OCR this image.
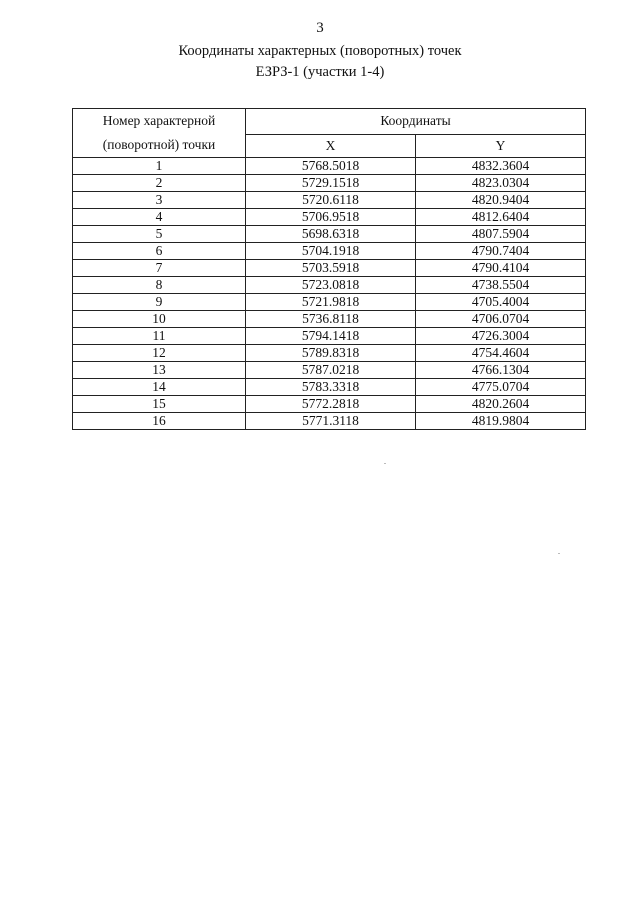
3
Координаты характерных (поворотных) точек
ЕЗРЗ-1 (участки 1-4)
Номер характерной
(поворотной) точки	Координаты	
	X	Y
1	5768.5018	4832.3604
2	5729.1518	4823.0304
3	5720.6118	4820.9404
4	5706.9518	4812.6404
5	5698.6318	4807.5904
6	5704.1918	4790.7404
7	5703.5918	4790.4104
8	5723.0818	4738.5504
9	5721.9818	4705.4004
10	5736.8118	4706.0704
11	5794.1418	4726.3004
12	5789.8318	4754.4604
13	5787.0218	4766.1304
14	5783.3318	4775.0704
15	5772.2818	4820.2604
16	5771.3118	4819.9804
